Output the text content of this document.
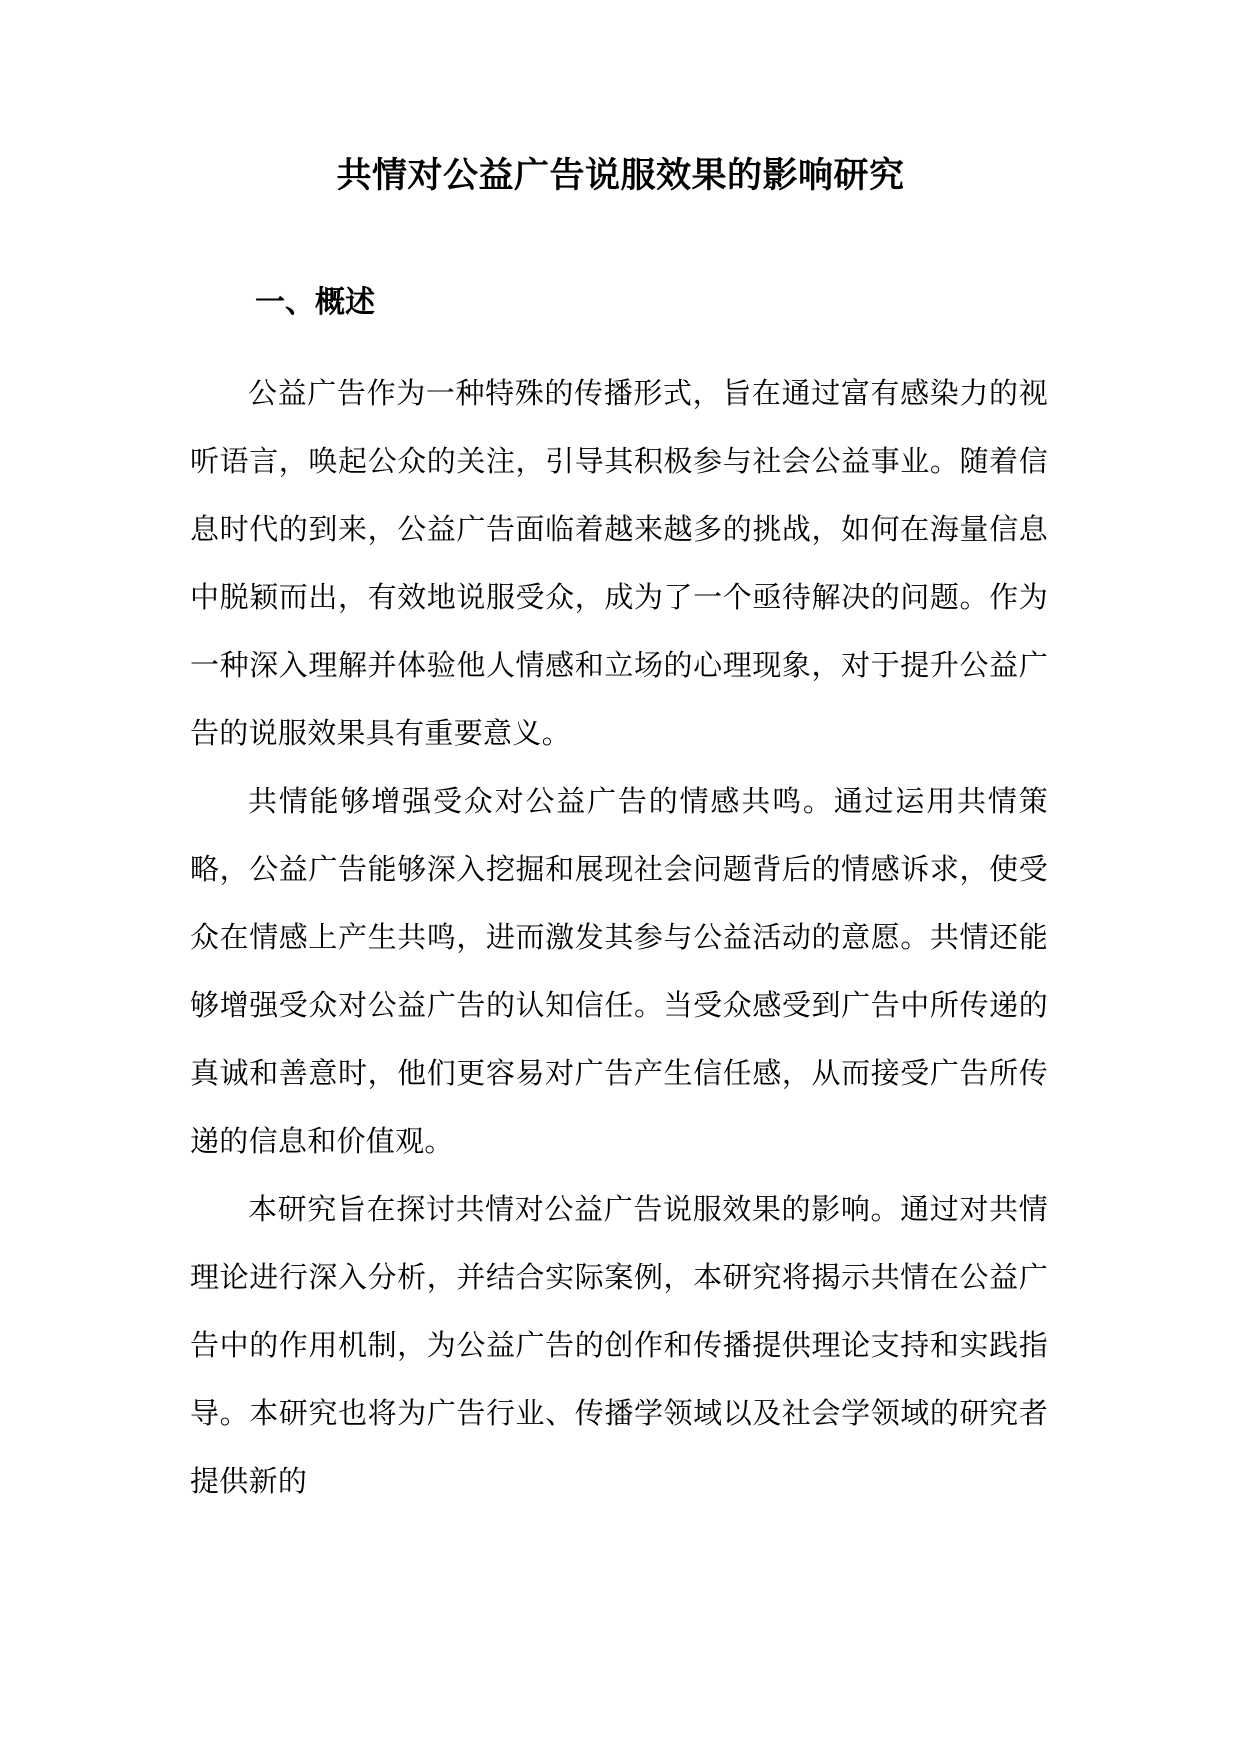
共情对公益广告说服效果的影响研究
一、概述

公益广告作为一种特殊的传播形式，旨在通过富有感染力的视听语言，唤起公众的关注，引导其积极参与社会公益事业。随着信息时代的到来，公益广告面临着越来越多的挑战，如何在海量信息中脱颖而出，有效地说服受众，成为了一个亟待解决的问题。作为一种深入理解并体验他人情感和立场的心理现象，对于提升公益广告的说服效果具有重要意义。

共情能够增强受众对公益广告的情感共鸣。通过运用共情策略，公益广告能够深入挖掘和展现社会问题背后的情感诉求，使受众在情感上产生共鸣，进而激发其参与公益活动的意愿。共情还能够增强受众对公益广告的认知信任。当受众感受到广告中所传递的真诚和善意时，他们更容易对广告产生信任感，从而接受广告所传递的信息和价值观。

本研究旨在探讨共情对公益广告说服效果的影响。通过对共情理论进行深入分析，并结合实际案例，本研究将揭示共情在公益广告中的作用机制，为公益广告的创作和传播提供理论支持和实践指导。本研究也将为广告行业、传播学领域以及社会学领域的研究者提供新的
